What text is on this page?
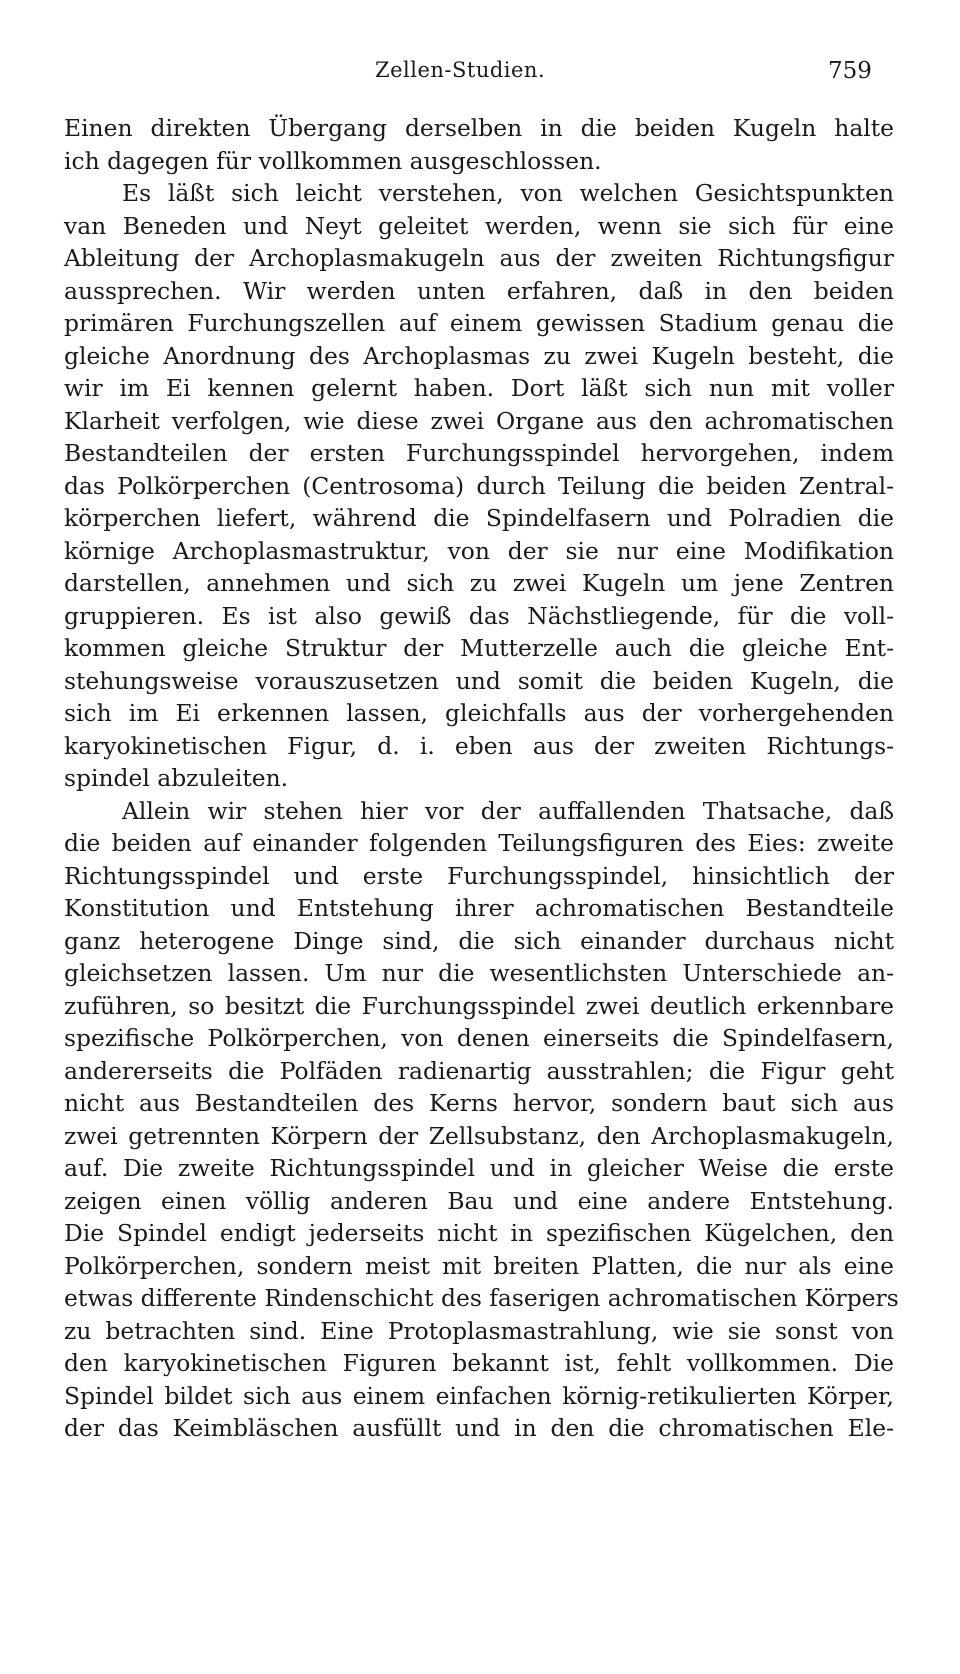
Zellen-Studien.	759
Einen direkten Übergang derselben in die beiden Kugeln halte
ich dagegen für vollkommen ausgeschlossen.
Es läßt sich leicht verstehen, von welchen Gesichtspunkten
van Beneden und Neyt geleitet werden, wenn sie sich für eine
Ableitung der Archoplasmakugeln aus der zweiten Richtungsfigur
aussprechen. Wir werden unten erfahren, daß in den beiden
primären Furchungszellen auf einem gewissen Stadium genau die
gleiche Anordnung des Archoplasmas zu zwei Kugeln besteht, die
wir im Ei kennen gelernt haben. Dort läßt sich nun mit voller
Klarheit verfolgen, wie diese zwei Organe aus den achromatischen
Bestandteilen der ersten Furchungsspindel hervorgehen, indem
das Polkörperchen (Centrosoma) durch Teilung die beiden Zentral-
körperchen liefert, während die Spindelfasern und Polradien die
körnige Archoplasmastruktur, von der sie nur eine Modifikation
darstellen, annehmen und sich zu zwei Kugeln um jene Zentren
gruppieren. Es ist also gewiß das Nächstliegende, für die voll-
kommen gleiche Struktur der Mutterzelle auch die gleiche Ent-
stehungsweise vorauszusetzen und somit die beiden Kugeln, die
sich im Ei erkennen lassen, gleichfalls aus der vorhergehenden
karyokinetischen Figur, d. i. eben aus der zweiten Richtungs-
spindel abzuleiten.
Allein wir stehen hier vor der auffallenden Thatsache, daß
die beiden auf einander folgenden Teilungsfiguren des Eies: zweite
Richtungsspindel und erste Furchungsspindel, hinsichtlich der
Konstitution und Entstehung ihrer achromatischen Bestandteile
ganz heterogene Dinge sind, die sich einander durchaus nicht
gleichsetzen lassen. Um nur die wesentlichsten Unterschiede an-
zuführen, so besitzt die Furchungsspindel zwei deutlich erkennbare
spezifische Polkörperchen, von denen einerseits die Spindelfasern,
andererseits die Polfäden radienartig ausstrahlen; die Figur geht
nicht aus Bestandteilen des Kerns hervor, sondern baut sich aus
zwei getrennten Körpern der Zellsubstanz, den Archoplasmakugeln,
auf. Die zweite Richtungsspindel und in gleicher Weise die erste
zeigen einen völlig anderen Bau und eine andere Entstehung.
Die Spindel endigt jederseits nicht in spezifischen Kügelchen, den
Polkörperchen, sondern meist mit breiten Platten, die nur als eine
etwas differente Rindenschicht des faserigen achromatischen Körpers
zu betrachten sind. Eine Protoplasmastrahlung, wie sie sonst von
den karyokinetischen Figuren bekannt ist, fehlt vollkommen. Die
Spindel bildet sich aus einem einfachen körnig-retikulierten Körper,
der das Keimbläschen ausfüllt und in den die chromatischen Ele-
